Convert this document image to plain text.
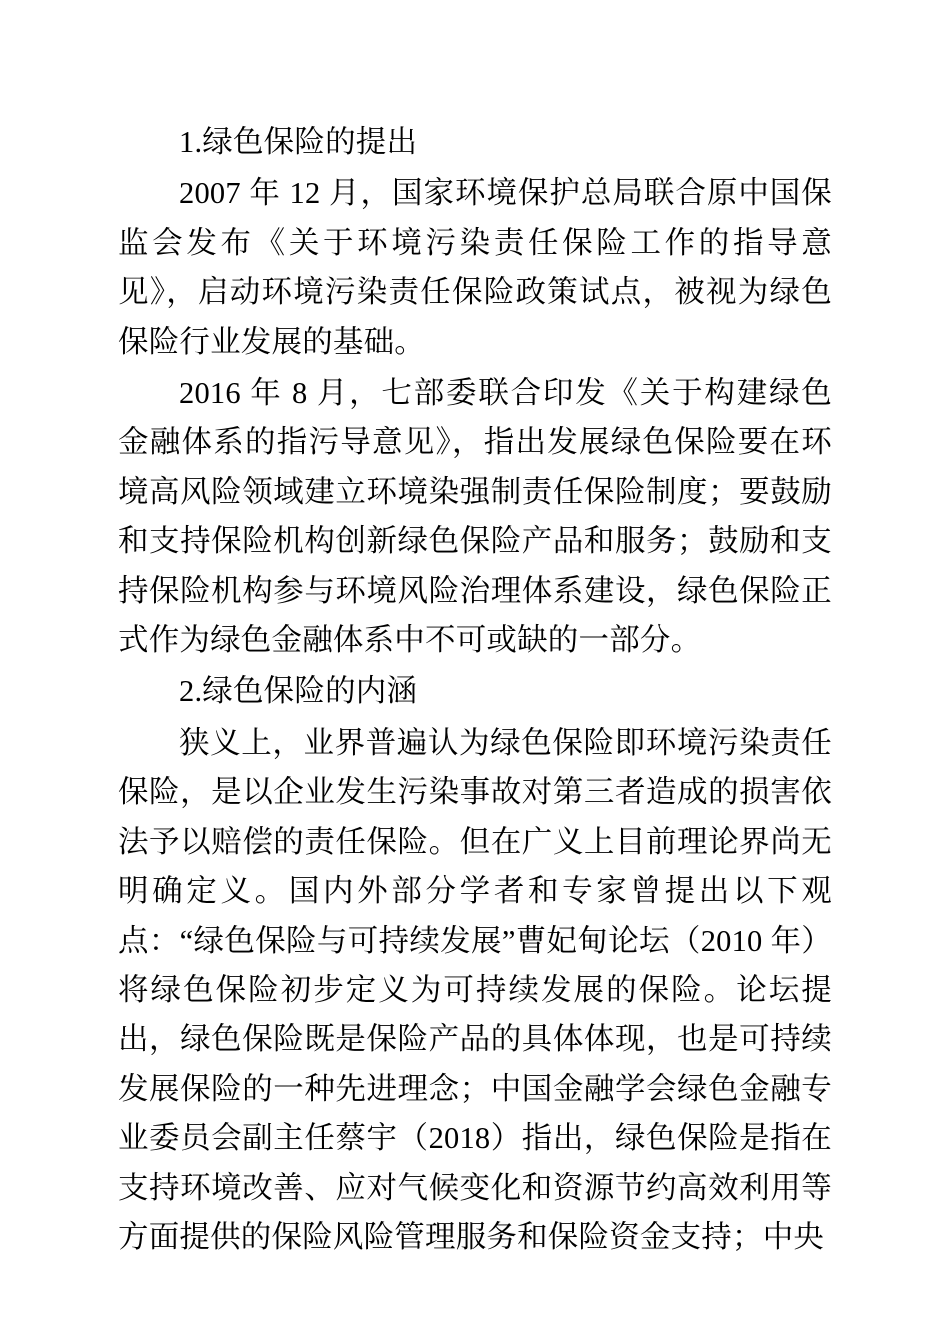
1.绿色保险的提出

2007 年 12 月，国家环境保护总局联合原中国保监会发布《关于环境污染责任保险工作的指导意见》，启动环境污染责任保险政策试点，被视为绿色保险行业发展的基础。

2016 年 8 月，七部委联合印发《关于构建绿色金融体系的指污导意见》，指出发展绿色保险要在环境高风险领域建立环境染强制责任保险制度；要鼓励和支持保险机构创新绿色保险产品和服务；鼓励和支持保险机构参与环境风险治理体系建设，绿色保险正式作为绿色金融体系中不可或缺的一部分。

2.绿色保险的内涵

狭义上，业界普遍认为绿色保险即环境污染责任保险，是以企业发生污染事故对第三者造成的损害依法予以赔偿的责任保险。但在广义上目前理论界尚无明确定义。国内外部分学者和专家曾提出以下观点：“绿色保险与可持续发展”曹妃甸论坛（2010 年）将绿色保险初步定义为可持续发展的保险。论坛提出，绿色保险既是保险产品的具体体现，也是可持续发展保险的一种先进理念；中国金融学会绿色金融专业委员会副主任蔡宇（2018）指出，绿色保险是指在支持环境改善、应对气候变化和资源节约高效利用等方面提供的保险风险管理服务和保险资金支持；中央
